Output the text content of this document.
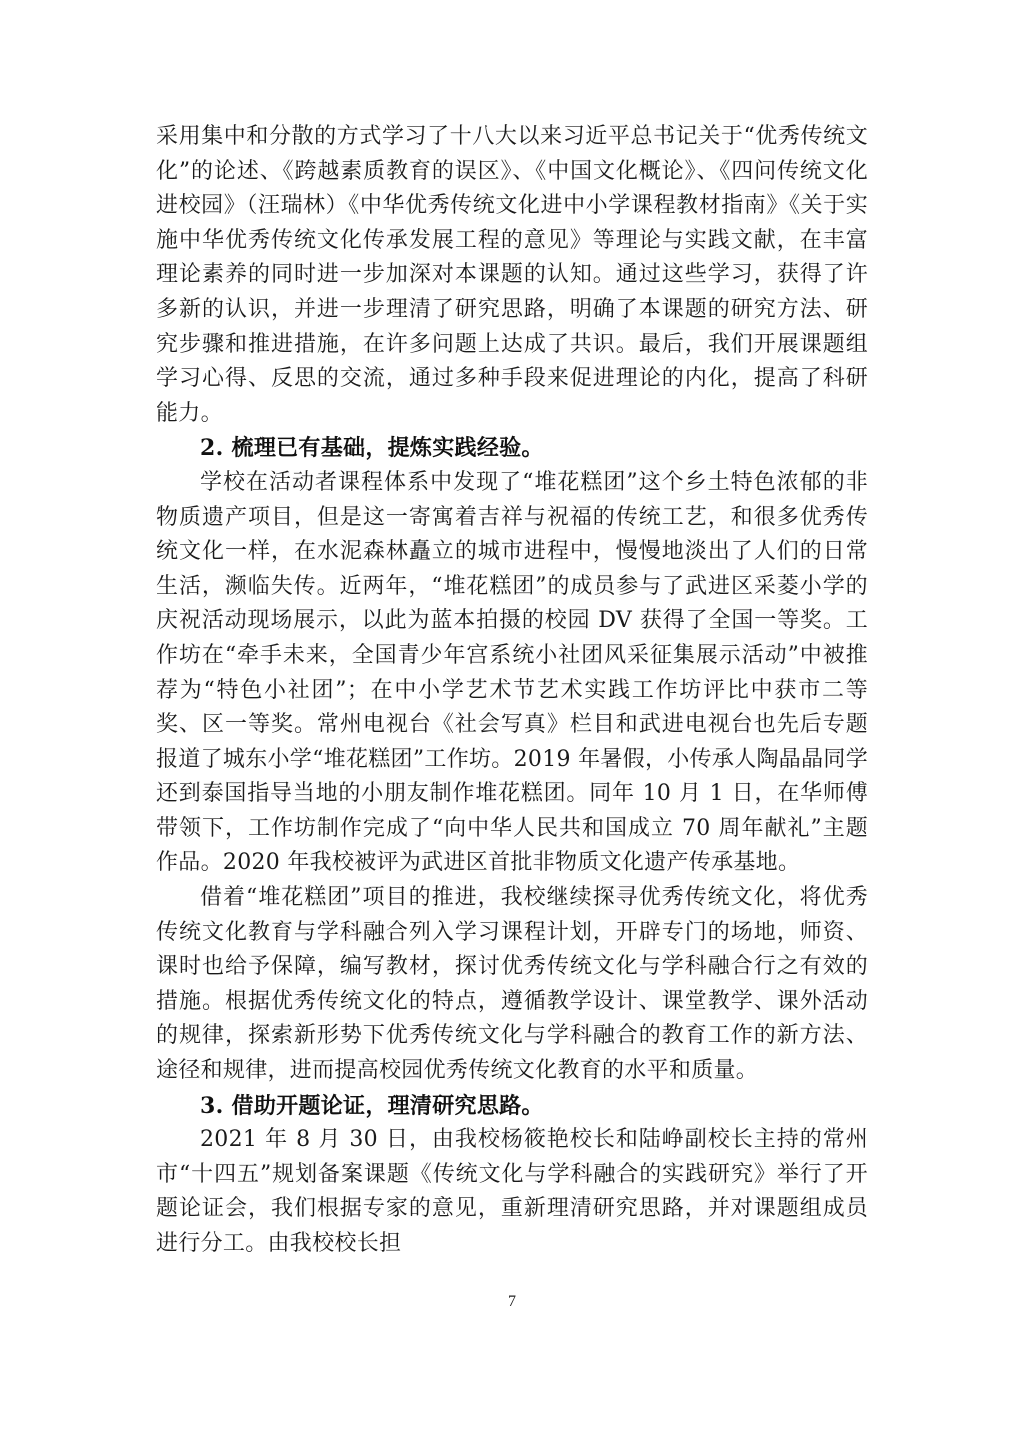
采用集中和分散的方式学习了十八大以来习近平总书记关于“优秀传统文化”的论述、《跨越素质教育的误区》、《中国文化概论》、《四问传统文化进校园》（汪瑞林）《中华优秀传统文化进中小学课程教材指南》《关于实施中华优秀传统文化传承发展工程的意见》等理论与实践文献，在丰富理论素养的同时进一步加深对本课题的认知。通过这些学习，获得了许多新的认识，并进一步理清了研究思路，明确了本课题的研究方法、研究步骤和推进措施，在许多问题上达成了共识。最后，我们开展课题组学习心得、反思的交流，通过多种手段来促进理论的内化，提高了科研能力。

2. 梳理已有基础，提炼实践经验。

学校在活动者课程体系中发现了“堆花糕团”这个乡土特色浓郁的非物质遗产项目，但是这一寄寓着吉祥与祝福的传统工艺，和很多优秀传统文化一样，在水泥森林矗立的城市进程中，慢慢地淡出了人们的日常生活，濒临失传。近两年，“堆花糕团”的成员参与了武进区采菱小学的庆祝活动现场展示，以此为蓝本拍摄的校园 DV 获得了全国一等奖。工作坊在“牵手未来，全国青少年宫系统小社团风采征集展示活动”中被推荐为“特色小社团”；在中小学艺术节艺术实践工作坊评比中获市二等奖、区一等奖。常州电视台《社会写真》栏目和武进电视台也先后专题报道了城东小学“堆花糕团”工作坊。2019 年暑假，小传承人陶晶晶同学还到泰国指导当地的小朋友制作堆花糕团。同年 10 月 1 日，在华师傅带领下，工作坊制作完成了“向中华人民共和国成立 70 周年献礼”主题作品。2020 年我校被评为武进区首批非物质文化遗产传承基地。

借着“堆花糕团”项目的推进，我校继续探寻优秀传统文化，将优秀传统文化教育与学科融合列入学习课程计划，开辟专门的场地，师资、课时也给予保障，编写教材，探讨优秀传统文化与学科融合行之有效的措施。根据优秀传统文化的特点，遵循教学设计、课堂教学、课外活动的规律，探索新形势下优秀传统文化与学科融合的教育工作的新方法、途径和规律，进而提高校园优秀传统文化教育的水平和质量。

3. 借助开题论证，理清研究思路。

2021 年 8 月 30 日，由我校杨筱艳校长和陆峥副校长主持的常州市“十四五”规划备案课题《传统文化与学科融合的实践研究》举行了开题论证会，我们根据专家的意见，重新理清研究思路，并对课题组成员进行分工。由我校校长担

7
